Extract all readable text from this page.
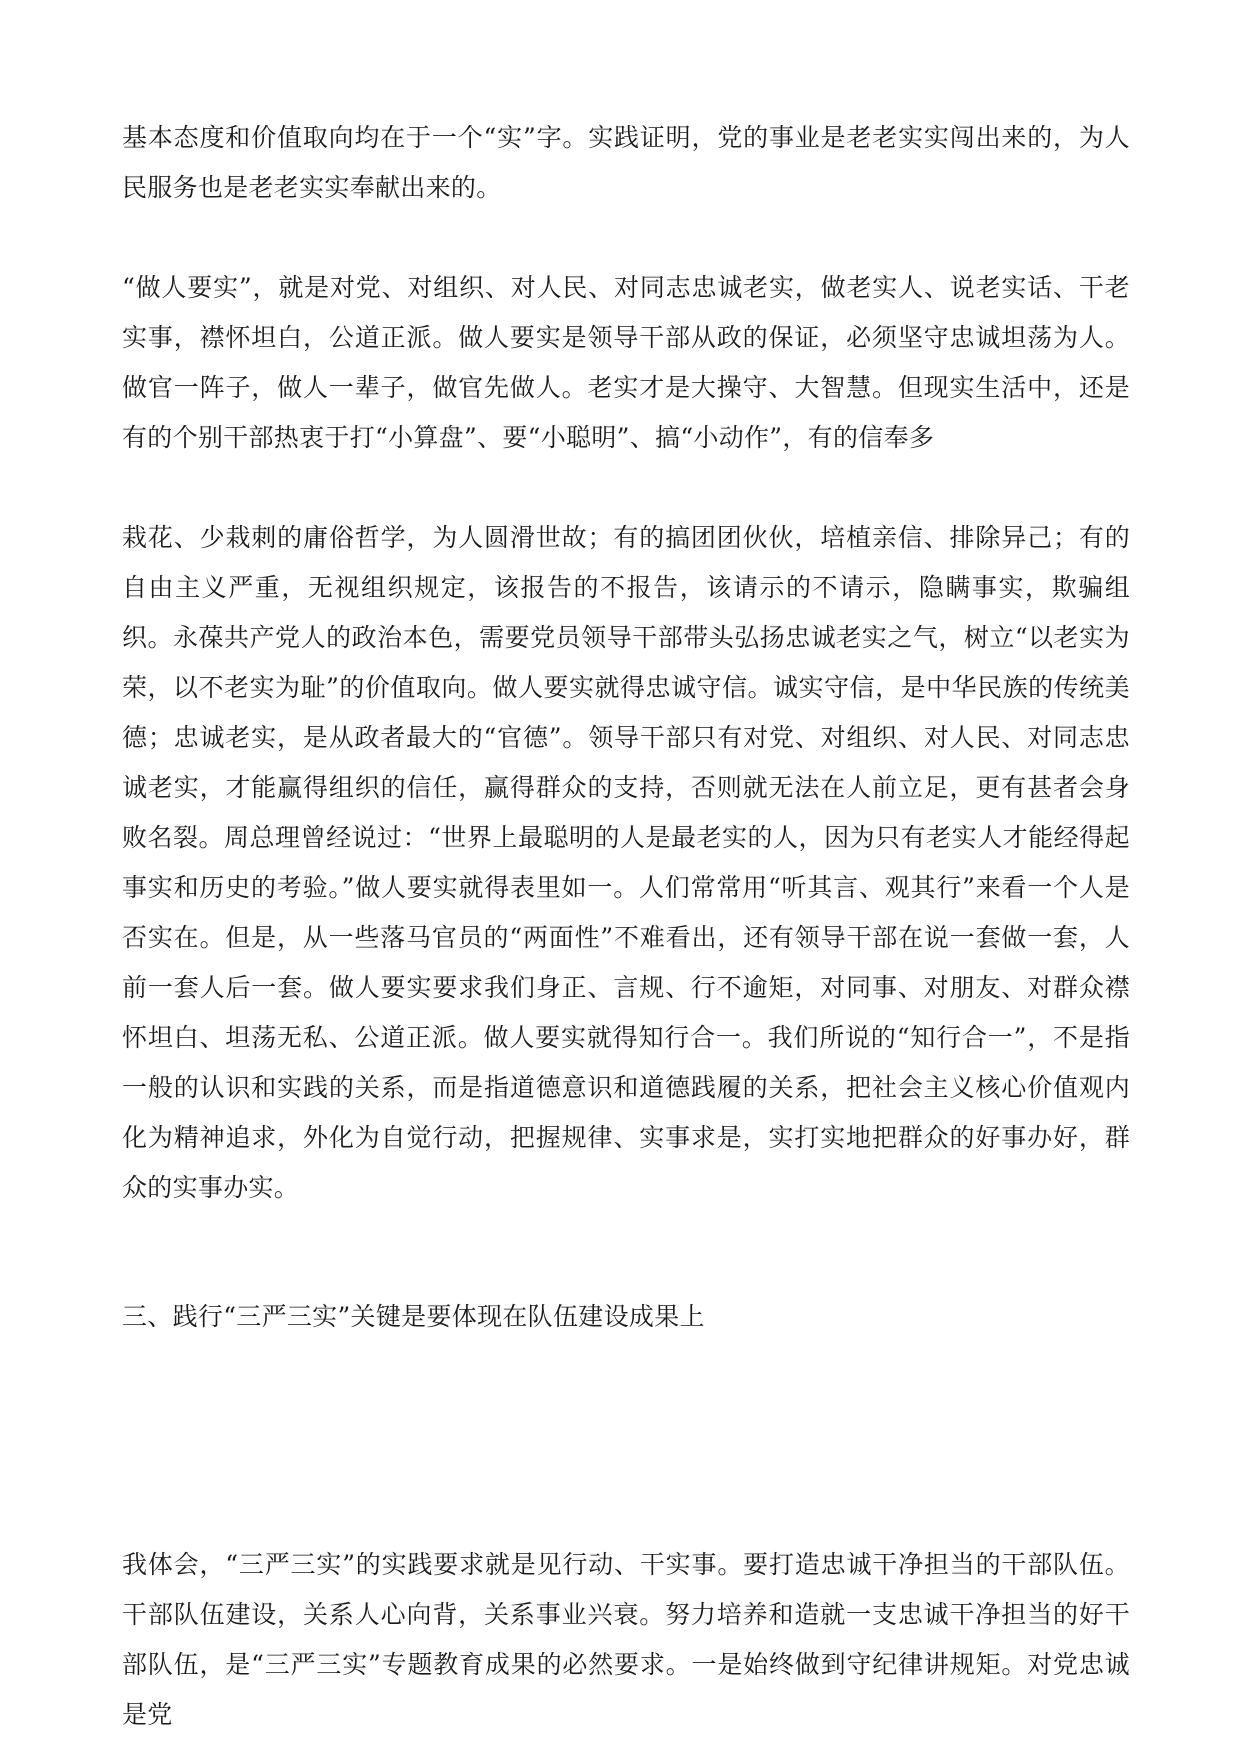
基本态度和价值取向均在于一个“实”字。实践证明，党的事业是老老实实闯出来的，为人民服务也是老老实实奉献出来的。

“做人要实”，就是对党、对组织、对人民、对同志忠诚老实，做老实人、说老实话、干老实事，襟怀坦白，公道正派。做人要实是领导干部从政的保证，必须坚守忠诚坦荡为人。做官一阵子，做人一辈子，做官先做人。老实才是大操守、大智慧。但现实生活中，还是有的个别干部热衷于打“小算盘”、要“小聪明”、搞“小动作”，有的信奉多

栽花、少栽刺的庸俗哲学，为人圆滑世故；有的搞团团伙伙，培植亲信、排除异己；有的自由主义严重，无视组织规定，该报告的不报告，该请示的不请示，隐瞒事实，欺骗组织。永葆共产党人的政治本色，需要党员领导干部带头弘扬忠诚老实之气，树立“以老实为荣，以不老实为耻”的价值取向。做人要实就得忠诚守信。诚实守信，是中华民族的传统美德；忠诚老实，是从政者最大的“官德”。领导干部只有对党、对组织、对人民、对同志忠诚老实，才能赢得组织的信任，赢得群众的支持，否则就无法在人前立足，更有甚者会身败名裂。周总理曾经说过：“世界上最聪明的人是最老实的人，因为只有老实人才能经得起事实和历史的考验。”做人要实就得表里如一。人们常常用“听其言、观其行”来看一个人是否实在。但是，从一些落马官员的“两面性”不难看出，还有领导干部在说一套做一套，人前一套人后一套。做人要实要求我们身正、言规、行不逾矩，对同事、对朋友、对群众襟怀坦白、坦荡无私、公道正派。做人要实就得知行合一。我们所说的“知行合一”，不是指一般的认识和实践的关系，而是指道德意识和道德践履的关系，把社会主义核心价值观内化为精神追求，外化为自觉行动，把握规律、实事求是，实打实地把群众的好事办好，群众的实事办实。

三、践行“三严三实”关键是要体现在队伍建设成果上

我体会，“三严三实”的实践要求就是见行动、干实事。要打造忠诚干净担当的干部队伍。干部队伍建设，关系人心向背，关系事业兴衰。努力培养和造就一支忠诚干净担当的好干部队伍，是“三严三实”专题教育成果的必然要求。一是始终做到守纪律讲规矩。对党忠诚是党
